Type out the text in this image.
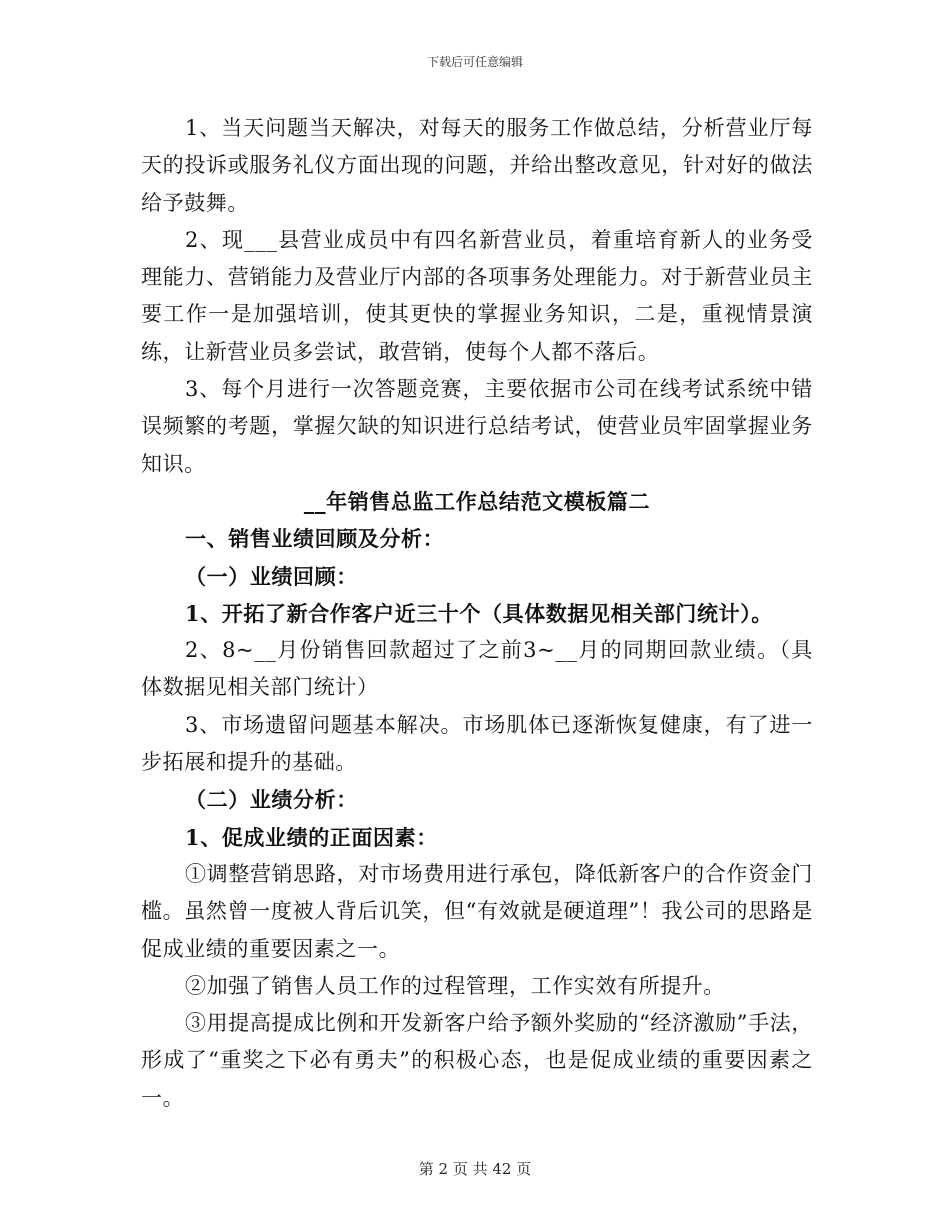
下载后可任意编辑

1、当天问题当天解决，对每天的服务工作做总结，分析营业厅每天的投诉或服务礼仪方面出现的问题，并给出整改意见，针对好的做法给予鼓舞。

2、现___县营业成员中有四名新营业员，着重培育新人的业务受理能力、营销能力及营业厅内部的各项事务处理能力。对于新营业员主要工作一是加强培训，使其更快的掌握业务知识，二是，重视情景演练，让新营业员多尝试，敢营销，使每个人都不落后。

3、每个月进行一次答题竞赛，主要依据市公司在线考试系统中错误频繁的考题，掌握欠缺的知识进行总结考试，使营业员牢固掌握业务知识。

__年销售总监工作总结范文模板篇二

一、销售业绩回顾及分析：

（一）业绩回顾：

1、开拓了新合作客户近三十个（具体数据见相关部门统计）。

2、8~__月份销售回款超过了之前3~__月的同期回款业绩。（具体数据见相关部门统计）

3、市场遗留问题基本解决。市场肌体已逐渐恢复健康，有了进一步拓展和提升的基础。

（二）业绩分析：

1、促成业绩的正面因素：

①调整营销思路，对市场费用进行承包，降低新客户的合作资金门槛。虽然曾一度被人背后讥笑，但“有效就是硬道理”！我公司的思路是促成业绩的重要因素之一。

②加强了销售人员工作的过程管理，工作实效有所提升。

③用提高提成比例和开发新客户给予额外奖励的“经济激励”手法，形成了“重奖之下必有勇夫”的积极心态，也是促成业绩的重要因素之一。

第 2 页 共 42 页
